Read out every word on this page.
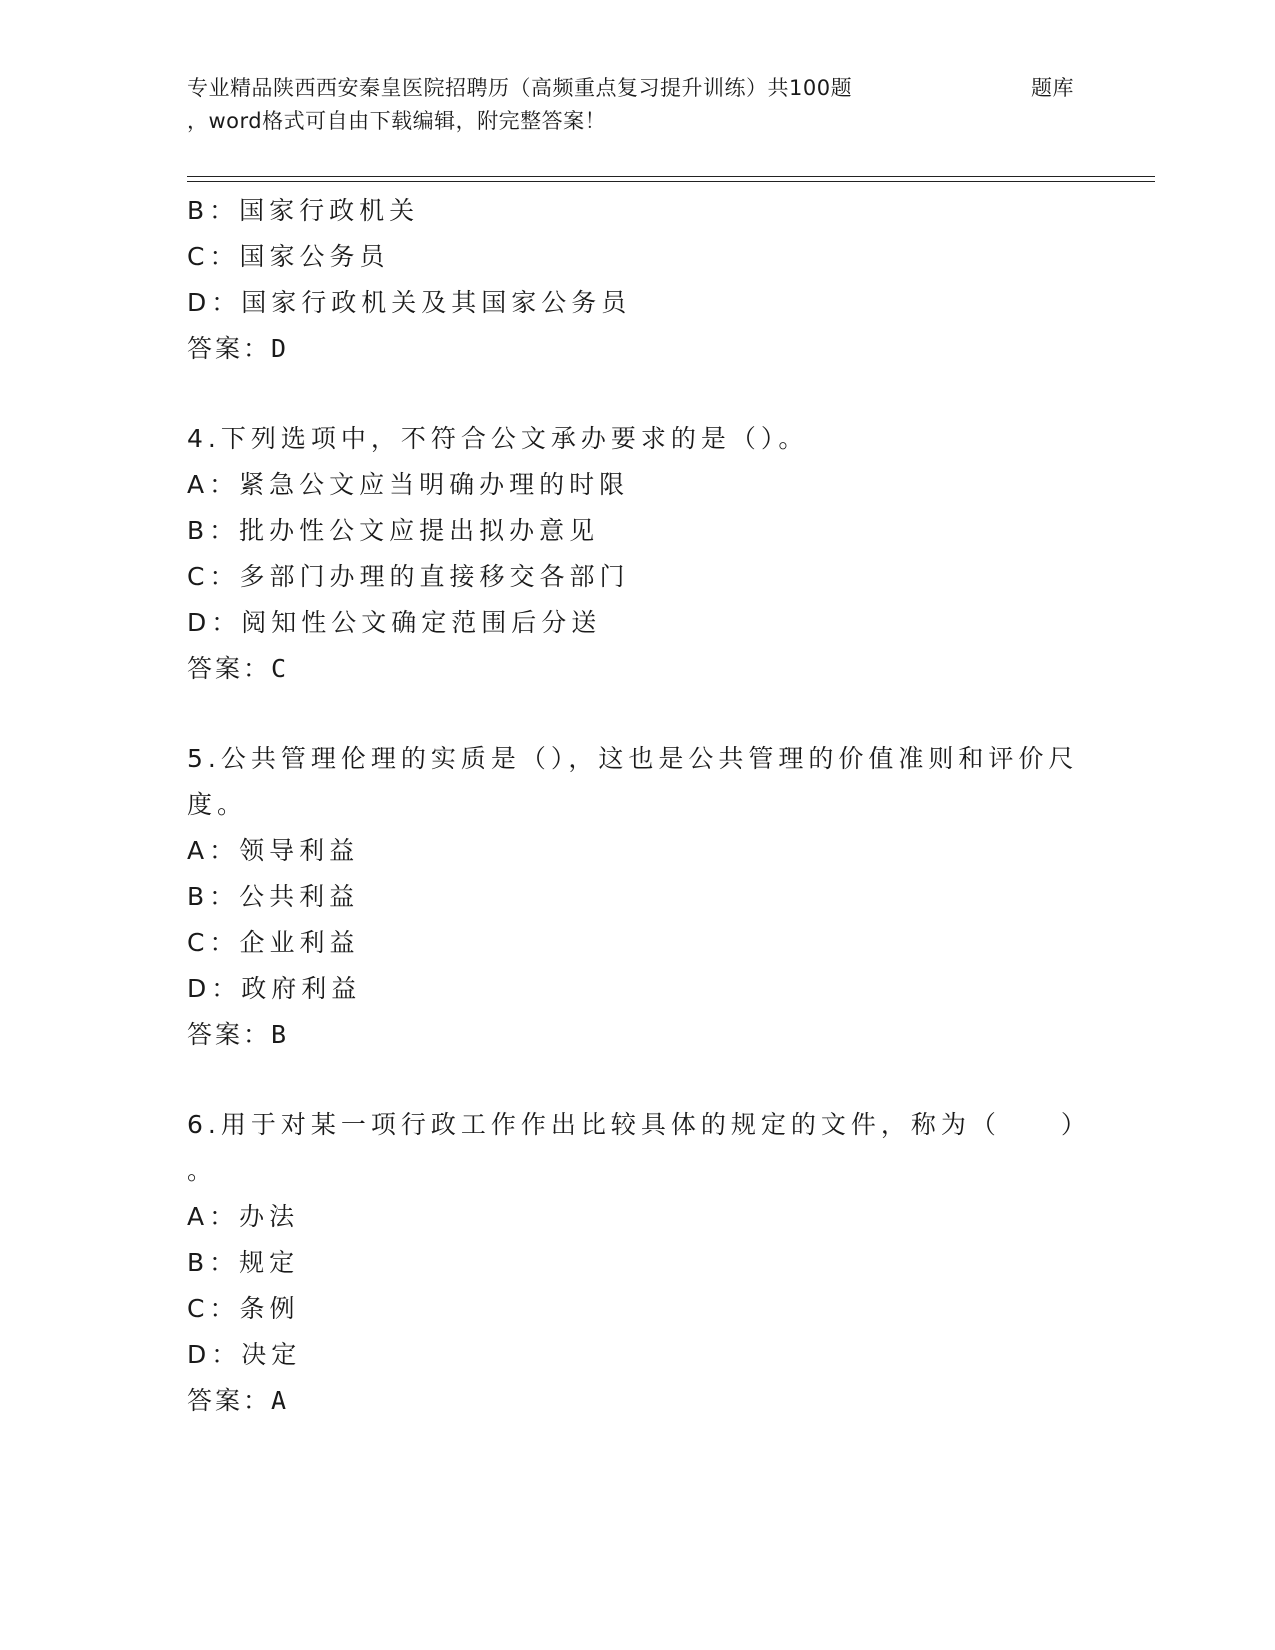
专业精品陕西西安秦皇医院招聘历（高频重点复习提升训练）共100题	题库
，word格式可自由下载编辑，附完整答案！
B：国家行政机关
C：国家公务员
D：国家行政机关及其国家公务员
答案：D
4.下列选项中，不符合公文承办要求的是（）。
A：紧急公文应当明确办理的时限
B：批办性公文应提出拟办意见
C：多部门办理的直接移交各部门
D：阅知性公文确定范围后分送
答案：C
5.公共管理伦理的实质是（），这也是公共管理的价值准则和评价尺
度。
A：领导利益
B：公共利益
C：企业利益
D：政府利益
答案：B
6.用于对某一项行政工作作出比较具体的规定的文件，称为（　　）
。
A：办法
B：规定
C：条例
D：决定
答案：A
